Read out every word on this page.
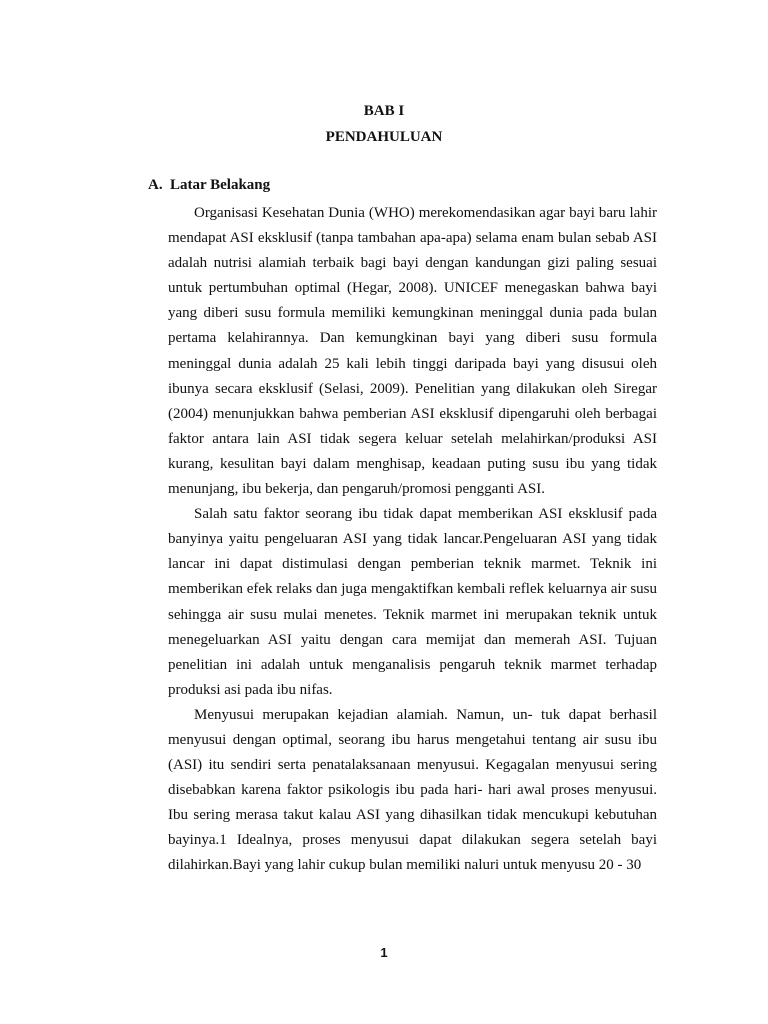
BAB I
PENDAHULUAN
A. Latar Belakang

Organisasi Kesehatan Dunia (WHO) merekomendasikan agar bayi baru lahir mendapat ASI eksklusif (tanpa tambahan apa-apa) selama enam bulan sebab ASI adalah nutrisi alamiah terbaik bagi bayi dengan kandungan gizi paling sesuai untuk pertumbuhan optimal (Hegar, 2008). UNICEF menegaskan bahwa bayi yang diberi susu formula memiliki kemungkinan meninggal dunia pada bulan pertama kelahirannya. Dan kemungkinan bayi yang diberi susu formula meninggal dunia adalah 25 kali lebih tinggi daripada bayi yang disusui oleh ibunya secara eksklusif (Selasi, 2009). Penelitian yang dilakukan oleh Siregar (2004) menunjukkan bahwa pemberian ASI eksklusif dipengaruhi oleh berbagai faktor antara lain ASI tidak segera keluar setelah melahirkan/produksi ASI kurang, kesulitan bayi dalam menghisap, keadaan puting susu ibu yang tidak menunjang, ibu bekerja, dan pengaruh/promosi pengganti ASI.

Salah satu faktor seorang ibu tidak dapat memberikan ASI eksklusif pada banyinya yaitu pengeluaran ASI yang tidak lancar.Pengeluaran ASI yang tidak lancar ini dapat distimulasi dengan pemberian teknik marmet. Teknik ini memberikan efek relaks dan juga mengaktifkan kembali reflek keluarnya air susu sehingga air susu mulai menetes. Teknik marmet ini merupakan teknik untuk menegeluarkan ASI yaitu dengan cara memijat dan memerah ASI. Tujuan penelitian ini adalah untuk menganalisis pengaruh teknik marmet terhadap produksi asi pada ibu nifas.

Menyusui merupakan kejadian alamiah. Namun, un- tuk dapat berhasil menyusui dengan optimal, seorang ibu harus mengetahui tentang air susu ibu (ASI) itu sendiri serta penatalaksanaan menyusui. Kegagalan menyusui sering disebabkan karena faktor psikologis ibu pada hari- hari awal proses menyusui. Ibu sering merasa takut kalau ASI yang dihasilkan tidak mencukupi kebutuhan bayinya.1 Idealnya, proses menyusui dapat dilakukan segera setelah bayi dilahirkan.Bayi yang lahir cukup bulan memiliki naluri untuk menyusu 20 - 30

1
